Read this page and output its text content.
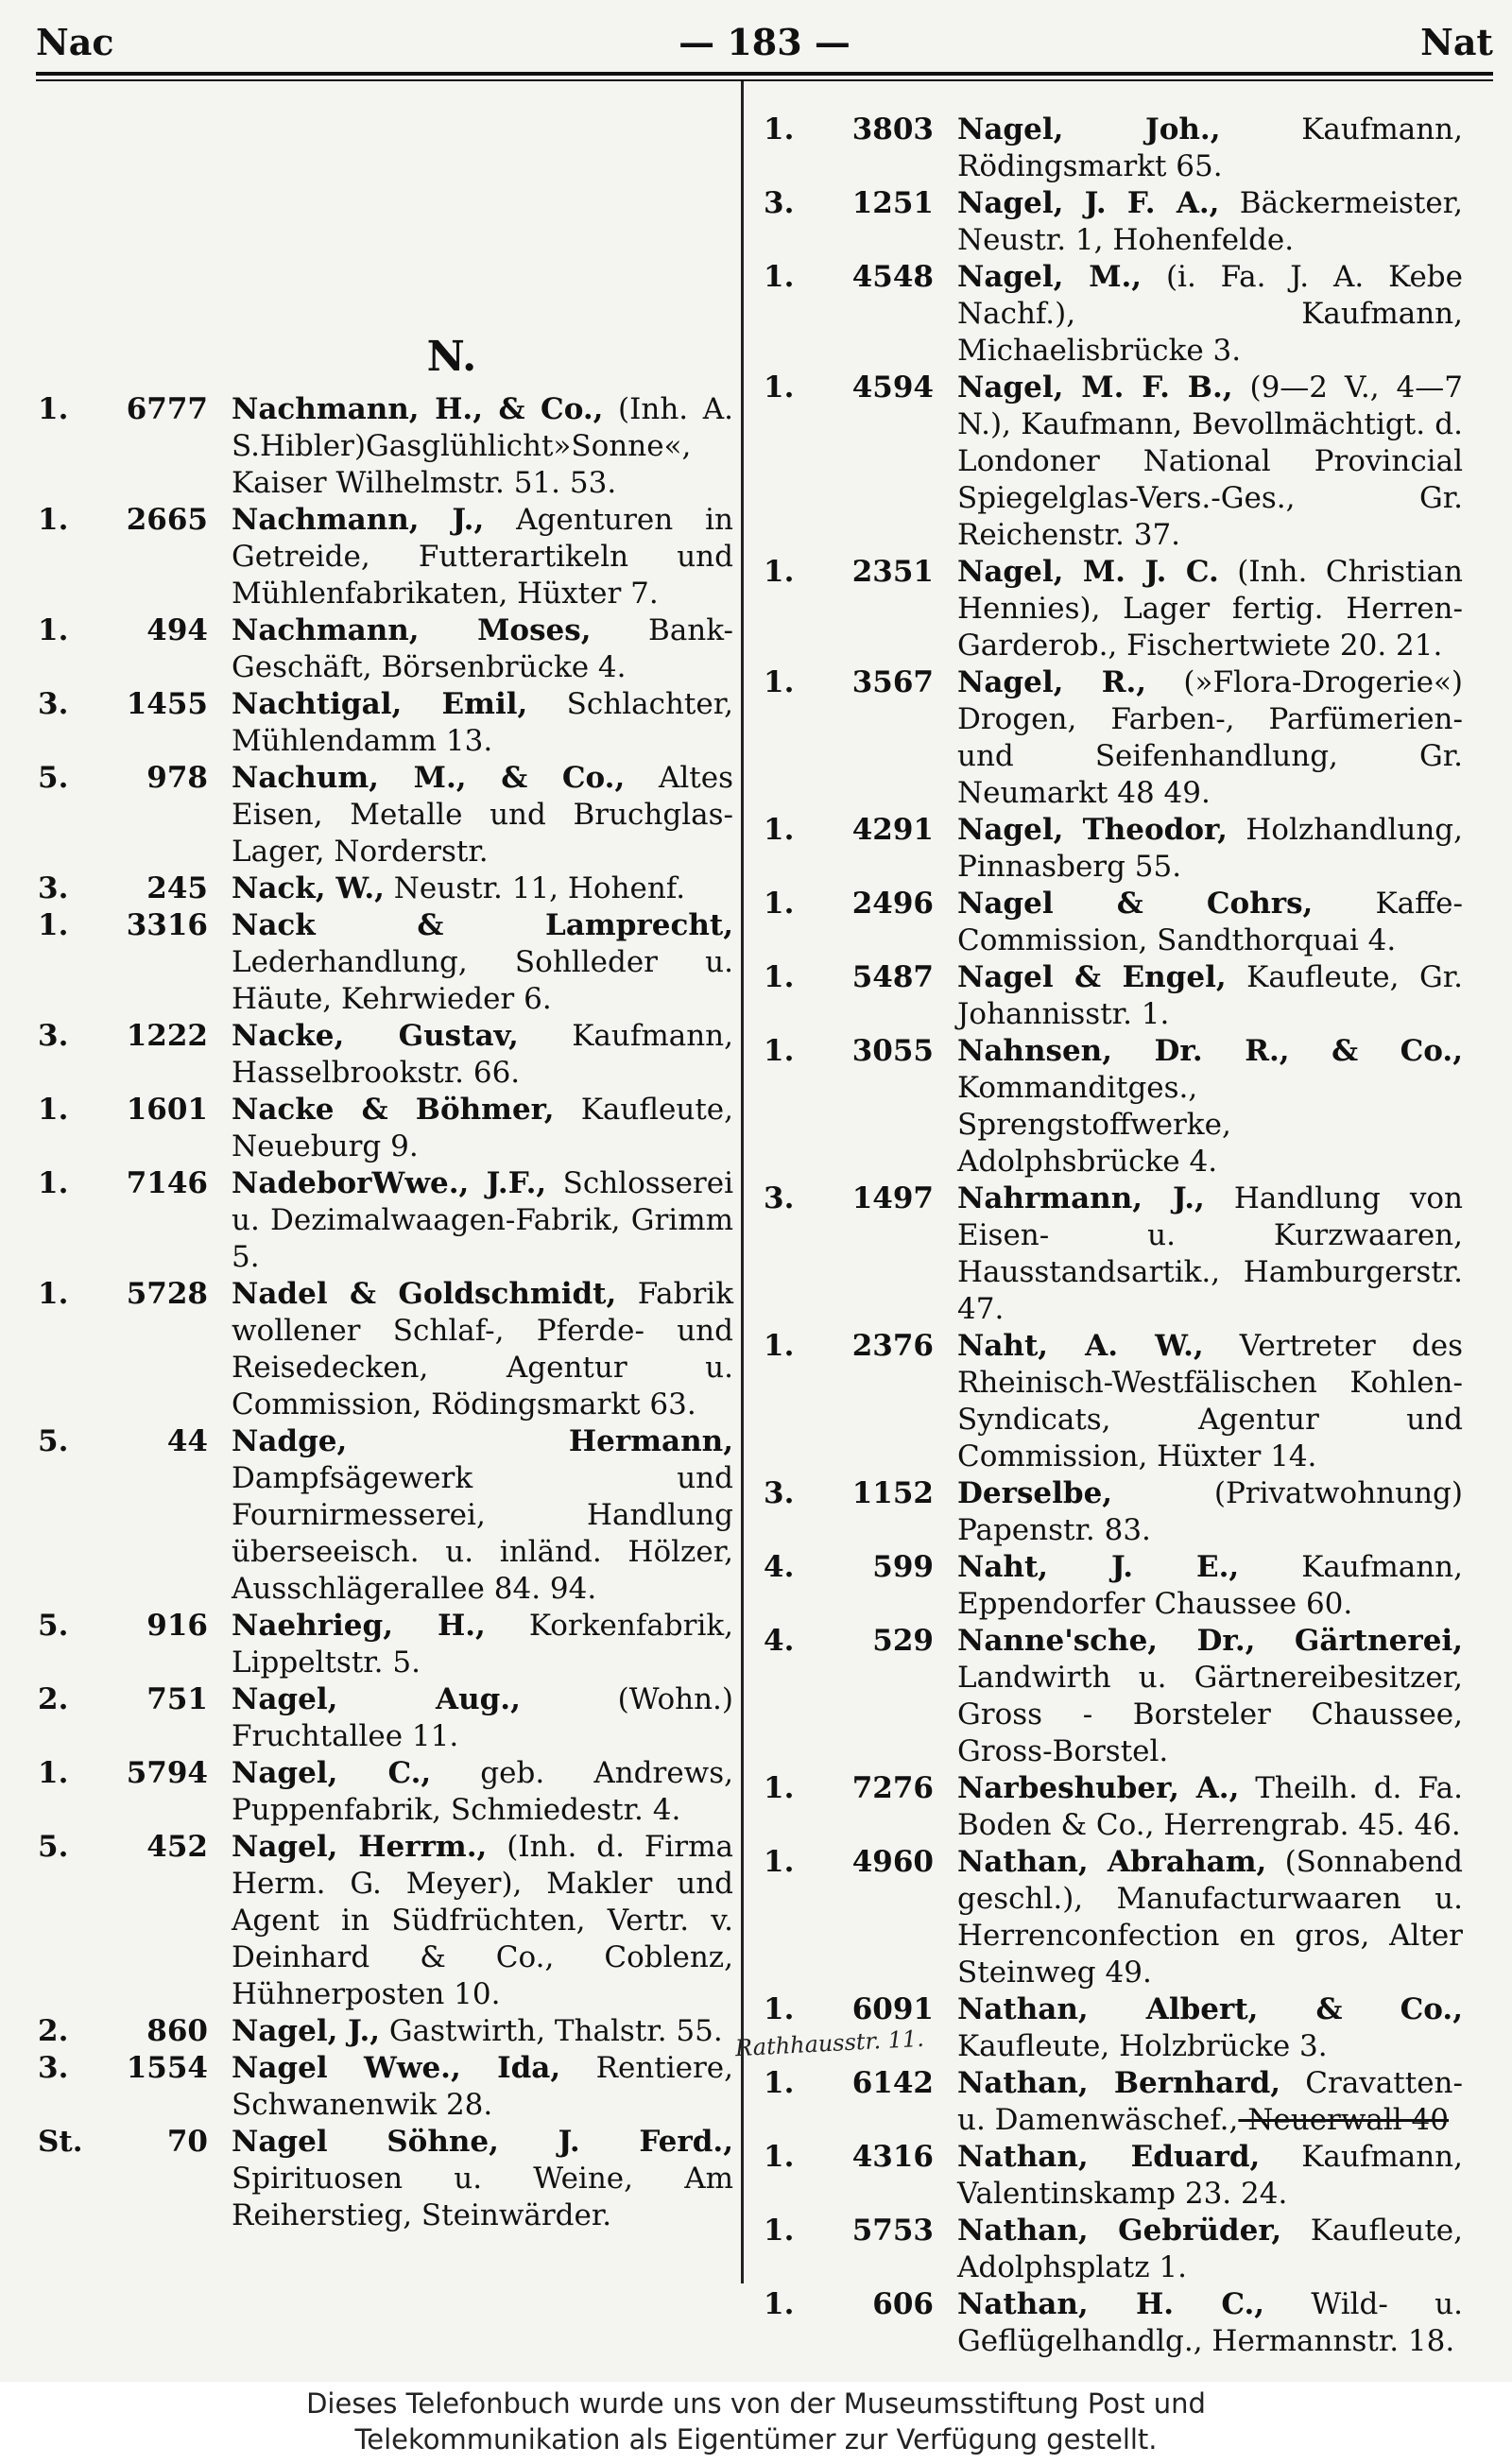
Nac	— 183 —	Nat
N.
1. 6777 Nachmann, H., & Co., (Inh. A. S.Hibler)Gasglühlicht»Sonne«, Kaiser Wilhelmstr. 51. 53.
1. 2665 Nachmann, J., Agenturen in Getreide, Futterartikeln und Mühlenfabrikaten, Hüxter 7.
1.	494 Nachmann, Moses, Bank-Geschäft, Börsenbrücke 4.
3. 1455 Nachtigal, Emil, Schlachter, Mühlendamm 13.
5.	978 Nachum, M., & Co., Altes Eisen, Metalle und Bruchglas-Lager, Norderstr.
3.	245 Nack, W., Neustr. 11, Hohenf.
1. 3316 Nack & Lamprecht, Lederhandlung, Sohlleder u. Häute, Kehrwieder 6.
3. 1222 Nacke, Gustav, Kaufmann, Hasselbrookstr. 66.
1. 1601 Nacke & Böhmer, Kaufleute, Neueburg 9.
1. 7146 NadeborWwe., J.F., Schlosserei u. Dezimalwaagen-Fabrik, Grimm 5.
1. 5728 Nadel & Goldschmidt, Fabrik wollener Schlaf-, Pferde- und Reisedecken, Agentur u. Commission, Rödingsmarkt 63.
5.	44 Nadge, Hermann, Dampfsägewerk und Fournirmesserei, Handlung überseeisch. u. inländ. Hölzer, Ausschlägerallee 84. 94.
5.	916 Naehrieg, H., Korkenfabrik, Lippeltstr. 5.
2.	751 Nagel, Aug., (Wohn.) Fruchtallee 11.
1. 5794 Nagel, C., geb. Andrews, Puppenfabrik, Schmiedestr. 4.
5.	452 Nagel, Herrm., (Inh. d. Firma Herm. G. Meyer), Makler und Agent in Südfrüchten, Vertr. v. Deinhard & Co., Coblenz, Hühnerposten 10.
2.	860 Nagel, J., Gastwirth, Thalstr. 55.
3. 1554 Nagel Wwe., Ida, Rentiere, Schwanenwik 28.
St.	70 Nagel Söhne, J. Ferd., Spirituosen u. Weine, Am Reiherstieg, Steinwärder.
1. 3803 Nagel, Joh., Kaufmann, Rödingsmarkt 65.
3. 1251 Nagel, J. F. A., Bäckermeister, Neustr. 1, Hohenfelde.
1. 4548 Nagel, M., (i. Fa. J. A. Kebe Nachf.), Kaufmann, Michaelisbrücke 3.
1. 4594 Nagel, M. F. B., (9—2 V., 4—7 N.), Kaufmann, Bevollmächtigt. d. Londoner National Provincial Spiegelglas-Vers.-Ges., Gr. Reichenstr. 37.
1. 2351 Nagel, M. J. C. (Inh. Christian Hennies), Lager fertig. Herren-Garderob., Fischertwiete 20. 21.
1. 3567 Nagel, R., (»Flora-Drogerie«) Drogen, Farben-, Parfümerien- und Seifenhandlung, Gr. Neumarkt 48 49.
1. 4291 Nagel, Theodor, Holzhandlung, Pinnasberg 55.
1. 2496 Nagel & Cohrs, Kaffe-Commission, Sandthorquai 4.
1. 5487 Nagel & Engel, Kaufleute, Gr. Johannisstr. 1.
1. 3055 Nahnsen, Dr. R., & Co., Kommanditges., Sprengstoffwerke, Adolphsbrücke 4.
3. 1497 Nahrmann, J., Handlung von Eisen- u. Kurzwaaren, Hausstandsartik., Hamburgerstr. 47.
1. 2376 Naht, A. W., Vertreter des Rheinisch-Westfälischen Kohlen-Syndicats, Agentur und Commission, Hüxter 14.
3. 1152 Derselbe, (Privatwohnung) Papenstr. 83.
4.	599 Naht, J. E., Kaufmann, Eppendorfer Chaussee 60.
4.	529 Nanne'sche, Dr., Gärtnerei, Landwirth u. Gärtnereibesitzer, Gross - Borsteler Chaussee, Gross-Borstel.
1. 7276 Narbeshuber, A., Theilh. d. Fa. Boden & Co., Herrengrab. 45. 46.
1. 4960 Nathan, Abraham, (Sonnabend geschl.), Manufacturwaaren u. Herrenconfection en gros, Alter Steinweg 49.
1. 6091 Nathan, Albert, & Co., Kaufleute, Holzbrücke 3.
1. 6142 Nathan, Bernhard, Cravatten- u. Damenwäschef., Neuerwall 40
1. 4316 Nathan, Eduard, Kaufmann, Valentinskamp 23. 24.
1. 5753 Nathan, Gebrüder, Kaufleute, Adolphsplatz 1.
1.	606 Nathan, H. C., Wild- u. Geflügelhandlg., Hermannstr. 18.
Rathhausstr. 11.
Dieses Telefonbuch wurde uns von der Museumsstiftung Post und
Telekommunikation als Eigentümer zur Verfügung gestellt.
